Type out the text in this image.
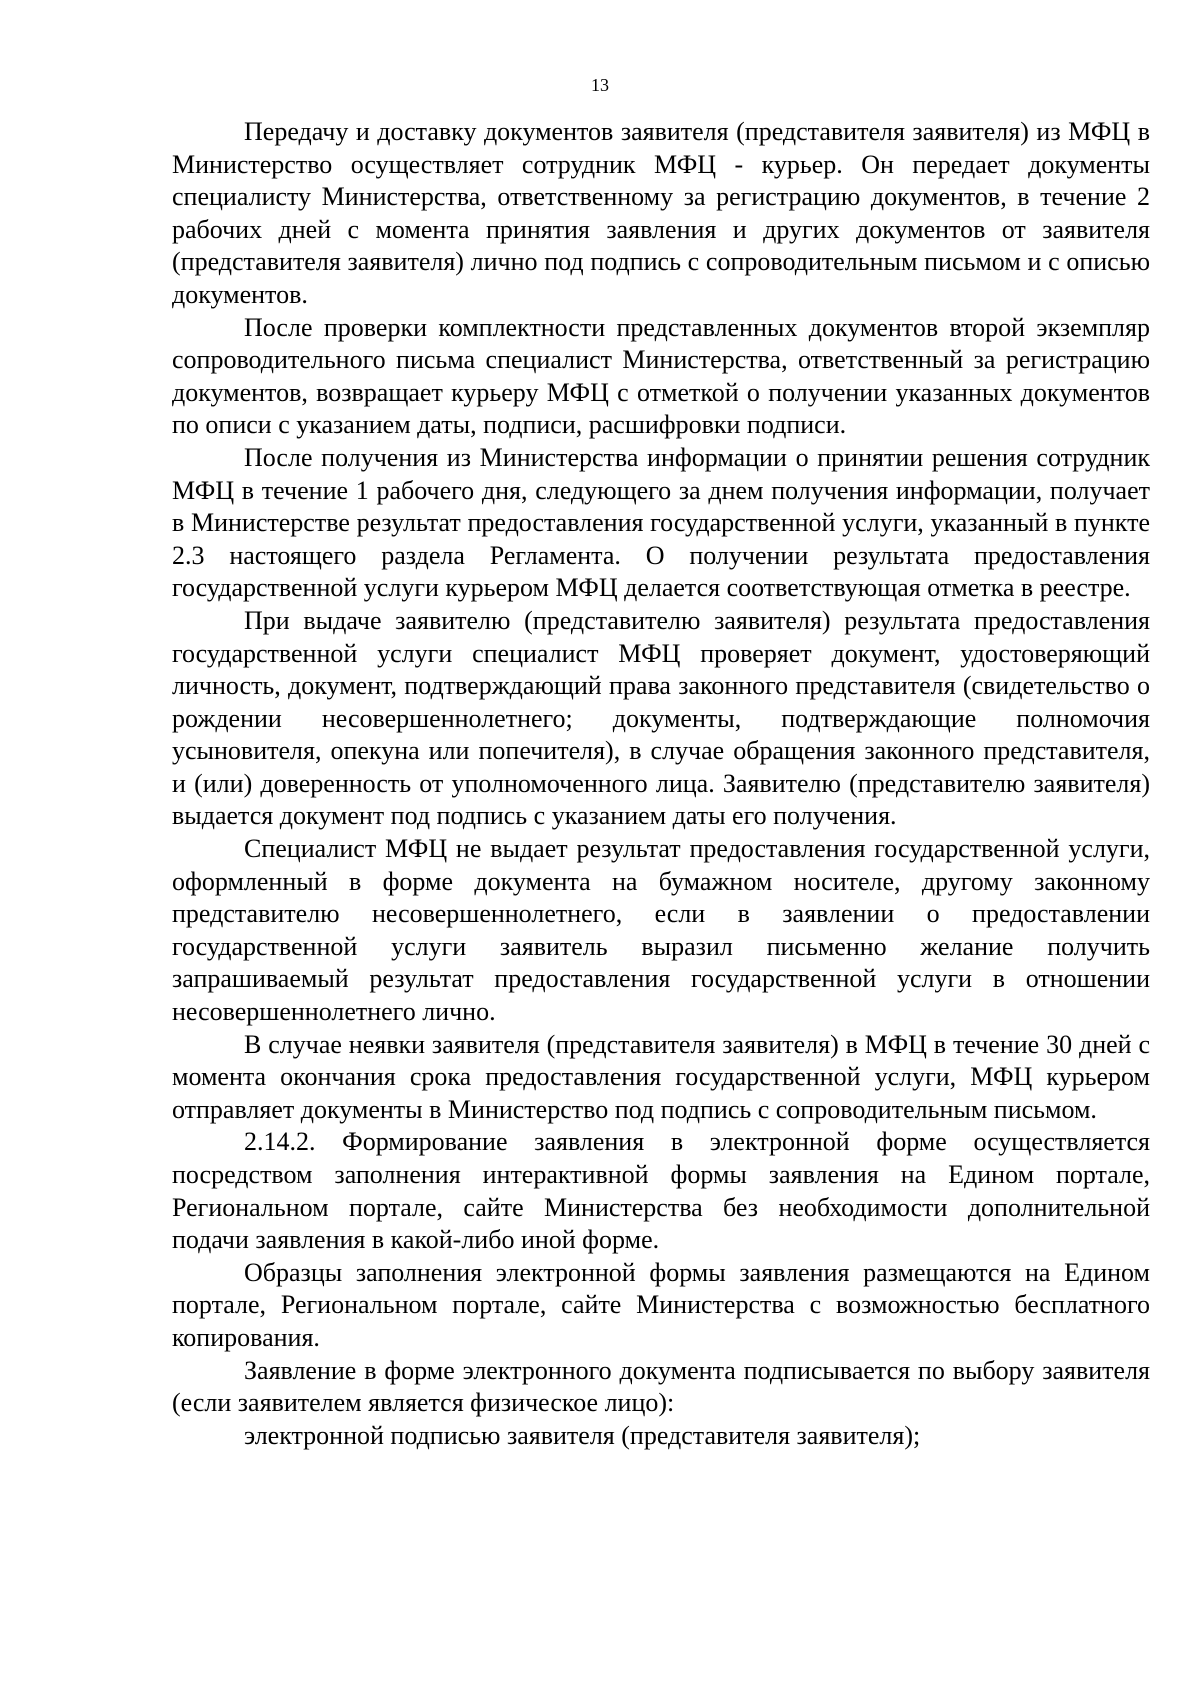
13

Передачу и доставку документов заявителя (представителя заявителя) из МФЦ в Министерство осуществляет сотрудник МФЦ - курьер. Он передает документы специалисту Министерства, ответственному за регистрацию документов, в течение 2 рабочих дней с момента принятия заявления и других документов от заявителя (представителя заявителя) лично под подпись с сопроводительным письмом и с описью документов.

После проверки комплектности представленных документов второй экземпляр сопроводительного письма специалист Министерства, ответственный за регистрацию документов, возвращает курьеру МФЦ с отметкой о получении указанных документов по описи с указанием даты, подписи, расшифровки подписи.

После получения из Министерства информации о принятии решения сотрудник МФЦ в течение 1 рабочего дня, следующего за днем получения информации, получает в Министерстве результат предоставления государственной услуги, указанный в пункте 2.3 настоящего раздела Регламента. О получении результата предоставления государственной услуги курьером МФЦ делается соответствующая отметка в реестре.

При выдаче заявителю (представителю заявителя) результата предоставления государственной услуги специалист МФЦ проверяет документ, удостоверяющий личность, документ, подтверждающий права законного представителя (свидетельство о рождении несовершеннолетнего; документы, подтверждающие полномочия усыновителя, опекуна или попечителя), в случае обращения законного представителя, и (или) доверенность от уполномоченного лица. Заявителю (представителю заявителя) выдается документ под подпись с указанием даты его получения.

Специалист МФЦ не выдает результат предоставления государственной услуги, оформленный в форме документа на бумажном носителе, другому законному представителю несовершеннолетнего, если в заявлении о предоставлении государственной услуги заявитель выразил письменно желание получить запрашиваемый результат предоставления государственной услуги в отношении несовершеннолетнего лично.

В случае неявки заявителя (представителя заявителя) в МФЦ в течение 30 дней с момента окончания срока предоставления государственной услуги, МФЦ курьером отправляет документы в Министерство под подпись с сопроводительным письмом.

2.14.2. Формирование заявления в электронной форме осуществляется посредством заполнения интерактивной формы заявления на Едином портале, Региональном портале, сайте Министерства без необходимости дополнительной подачи заявления в какой-либо иной форме.

Образцы заполнения электронной формы заявления размещаются на Едином портале, Региональном портале, сайте Министерства с возможностью бесплатного копирования.

Заявление в форме электронного документа подписывается по выбору заявителя (если заявителем является физическое лицо):

электронной подписью заявителя (представителя заявителя);
